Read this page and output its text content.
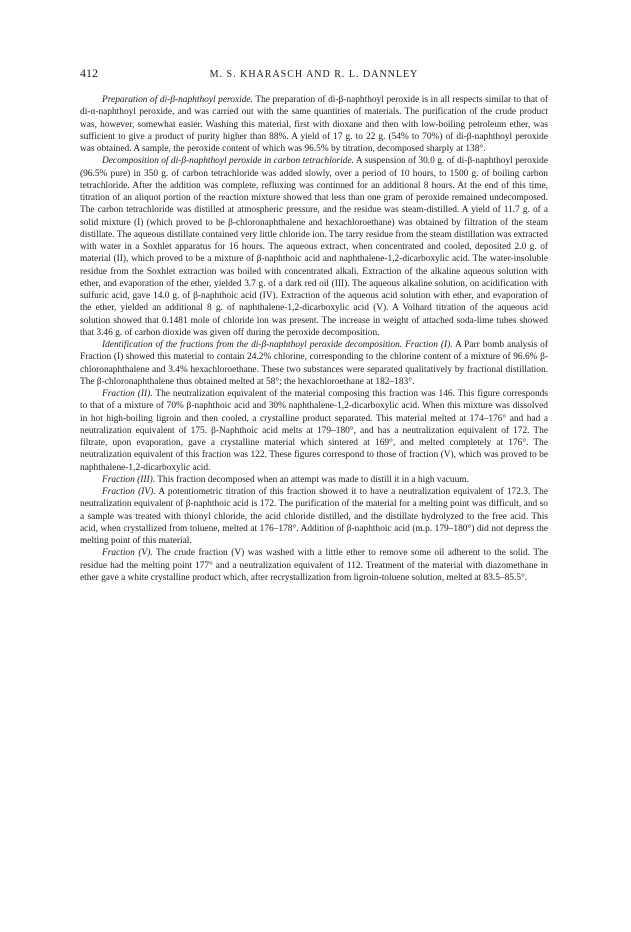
412	M. S. KHARASCH AND R. L. DANNLEY

Preparation of di-β-naphthoyl peroxide. The preparation of di-β-naphthoyl peroxide is in all respects similar to that of di-α-naphthoyl peroxide, and was carried out with the same quantities of materials. The purification of the crude product was, however, somewhat easier. Washing this material, first with dioxane and then with low-boiling petroleum ether, was sufficient to give a product of purity higher than 88%. A yield of 17 g. to 22 g. (54% to 70%) of di-β-naphthoyl peroxide was obtained. A sample, the peroxide content of which was 96.5% by titration, decomposed sharply at 138°.

Decomposition of di-β-naphthoyl peroxide in carbon tetrachloride. A suspension of 30.0 g. of di-β-naphthoyl peroxide (96.5% pure) in 350 g. of carbon tetrachloride was added slowly, over a period of 10 hours, to 1500 g. of boiling carbon tetrachloride. After the addition was complete, refluxing was continued for an additional 8 hours. At the end of this time, titration of an aliquot portion of the reaction mixture showed that less than one gram of peroxide remained undecomposed. The carbon tetrachloride was distilled at atmospheric pressure, and the residue was steam-distilled. A yield of 11.7 g. of a solid mixture (I) (which proved to be β-chloronaphthalene and hexachloroethane) was obtained by filtration of the steam distillate. The aqueous distillate contained very little chloride ion. The tarry residue from the steam distillation was extracted with water in a Soxhlet apparatus for 16 hours. The aqueous extract, when concentrated and cooled, deposited 2.0 g. of material (II), which proved to be a mixture of β-naphthoic acid and naphthalene-1,2-dicarboxylic acid. The water-insoluble residue from the Soxhlet extraction was boiled with concentrated alkali. Extraction of the alkaline aqueous solution with ether, and evaporation of the ether, yielded 3.7 g. of a dark red oil (III). The aqueous alkaline solution, on acidification with sulfuric acid, gave 14.0 g. of β-naphthoic acid (IV). Extraction of the aqueous acid solution with ether, and evaporation of the ether, yielded an additional 8 g. of naphthalene-1,2-dicarboxylic acid (V). A Volhard titration of the aqueous acid solution showed that 0.1481 mole of chloride ion was present. The increase in weight of attached soda-lime tubes showed that 3.46 g. of carbon dioxide was given off during the peroxide decomposition.

Identification of the fractions from the di-β-naphthoyl peroxide decomposition. Fraction (I). A Parr bomb analysis of Fraction (I) showed this material to contain 24.2% chlorine, corresponding to the chlorine content of a mixture of 96.6% β-chloronaphthalene and 3.4% hexachloroethane. These two substances were separated qualitatively by fractional distillation. The β-chloronaphthalene thus obtained melted at 58°; the hexachloroethane at 182–183°.

Fraction (II). The neutralization equivalent of the material composing this fraction was 146. This figure corresponds to that of a mixture of 70% β-naphthoic acid and 30% naphthalene-1,2-dicarboxylic acid. When this mixture was dissolved in hot high-boiling ligroin and then cooled, a crystalline product separated. This material melted at 174–176° and had a neutralization equivalent of 175. β-Naphthoic acid melts at 179–180°, and has a neutralization equivalent of 172. The filtrate, upon evaporation, gave a crystalline material which sintered at 169°, and melted completely at 176°. The neutralization equivalent of this fraction was 122. These figures correspond to those of fraction (V), which was proved to be naphthalene-1,2-dicarboxylic acid.

Fraction (III). This fraction decomposed when an attempt was made to distill it in a high vacuum.

Fraction (IV). A potentiometric titration of this fraction showed it to have a neutralization equivalent of 172.3. The neutralization equivalent of β-naphthoic acid is 172. The purification of the material for a melting point was difficult, and so a sample was treated with thionyl chloride, the acid chloride distilled, and the distillate hydrolyzed to the free acid. This acid, when crystallized from toluene, melted at 176–178°. Addition of β-naphthoic acid (m.p. 179–180°) did not depress the melting point of this material.

Fraction (V). The crude fraction (V) was washed with a little ether to remove some oil adherent to the solid. The residue had the melting point 177° and a neutralization equivalent of 112. Treatment of the material with diazomethane in ether gave a white crystalline product which, after recrystallization from ligroin-toluene solution, melted at 83.5–85.5°.
